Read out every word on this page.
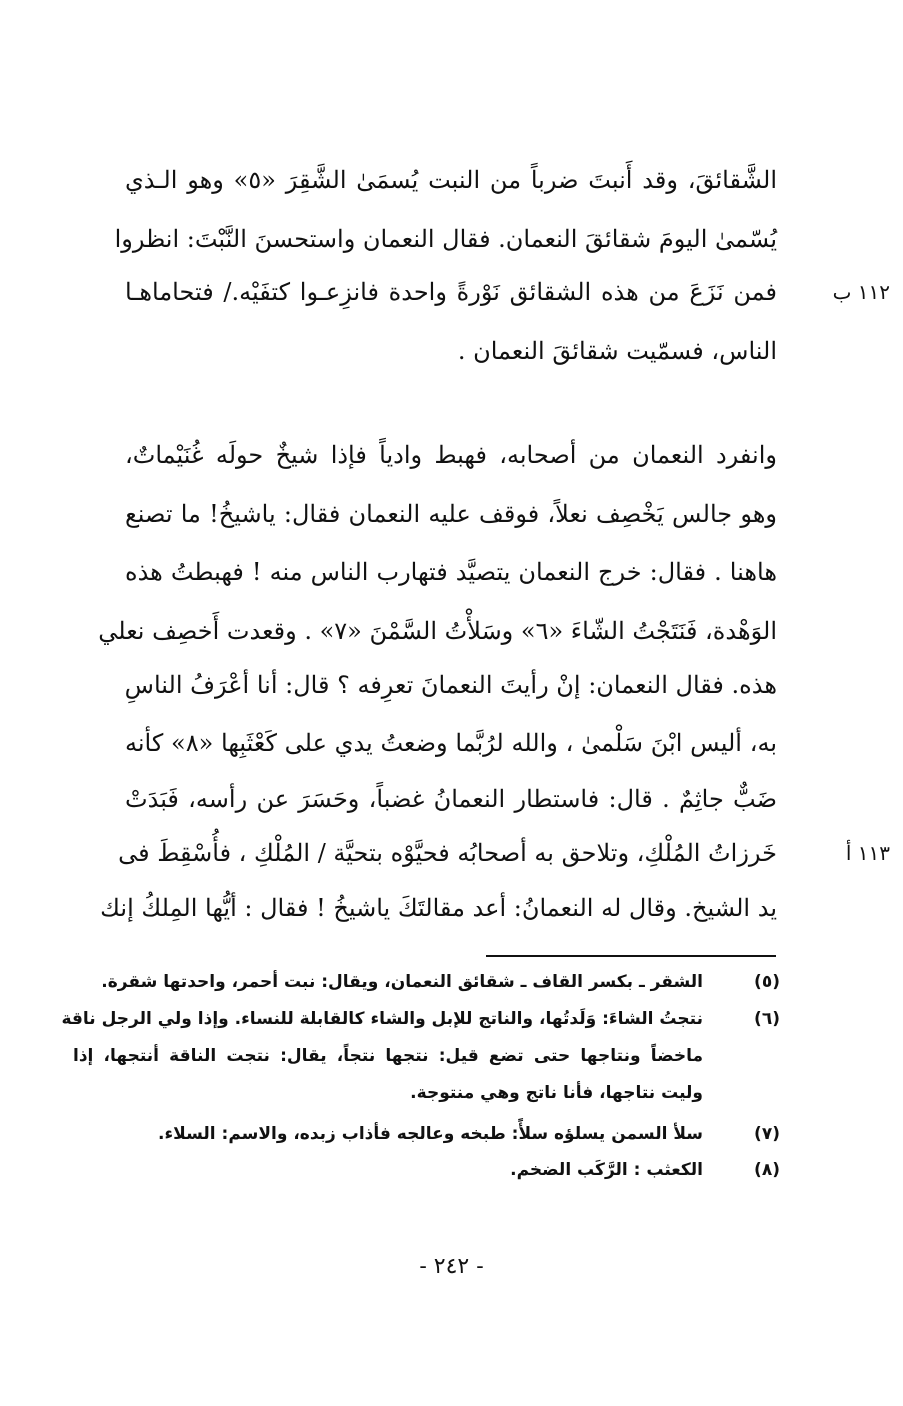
الشَّقائقَ، وقد أَنبتَ ضرباً من النبت يُسمَىٰ الشَّقِرَ «٥» وهو الـذي
يُسّمىٰ اليومَ شقائقَ النعمان. فقال النعمان واستحسنَ النَّبْتَ: انظروا
فمن نَزَعَ من هذه الشقائق نَوْرةً واحدة فانزِعـوا كتفَيْه./ فتحاماهـا	١١٢ ب
الناس، فسمّيت شقائقَ النعمان .
وانفرد النعمان من أصحابه، فهبط وادياً فإذا شيخٌ حولَه غُنَيْماتٌ،
وهو جالس يَخْصِف نعلاً، فوقف عليه النعمان فقال: ياشيخُ! ما تصنع
هاهنا . فقال: خرج النعمان يتصيَّد فتهارب الناس منه ! فهبطتُ هذه
الوَهْدة، فَنَتَجْتُ الشّاءَ «٦» وسَلأْتُ السَّمْنَ «٧» . وقعدت أَخصِف نعلي
هذه. فقال النعمان: إنْ رأيتَ النعمانَ تعرِفه ؟ قال: أنا أعْرَفُ الناسِ
به، أليس ابْنَ سَلْمىٰ ، والله لرُبَّما وضعتُ يدي على كَعْثَبِها «٨» كأنه
ضَبٌّ جاثِمٌ . قال: فاستطار النعمانُ غضباً، وحَسَرَ عن رأسه، فَبَدَتْ
خَرزاتُ المُلْكِ، وتلاحق به أصحابُه فحيَّوْه بتحيَّة / المُلْكِ ، فأُسْقِطَ فى	١١٣ أ
يد الشيخ. وقال له النعمانُ: أعد مقالتَكَ ياشيخُ ! فقال : أيُّها المِلكُ إنك
(٥)
الشقر ـ بكسر القاف ـ شقائق النعمان، ويقال: نبت أحمر، واحدتها شقرة.
(٦)
نتجتُ الشاءَ: وَلَدتُها، والناتج للإبل والشاء كالقابلة للنساء. وإذا ولي الرجل ناقة
ماخضاً ونتاجها حتى تضع قيل: نتجها نتجاً، يقال: نتجت الناقة أنتجها، إذا
وليت نتاجها، فأنا ناتج وهي منتوجة.
(٧)
سلأ السمن يسلؤه سلأً: طبخه وعالجه فأذاب زبده، والاسم: السلاء.
(٨)
الكعثب : الرَّكَب الضخم.
- ٢٤٢ -
